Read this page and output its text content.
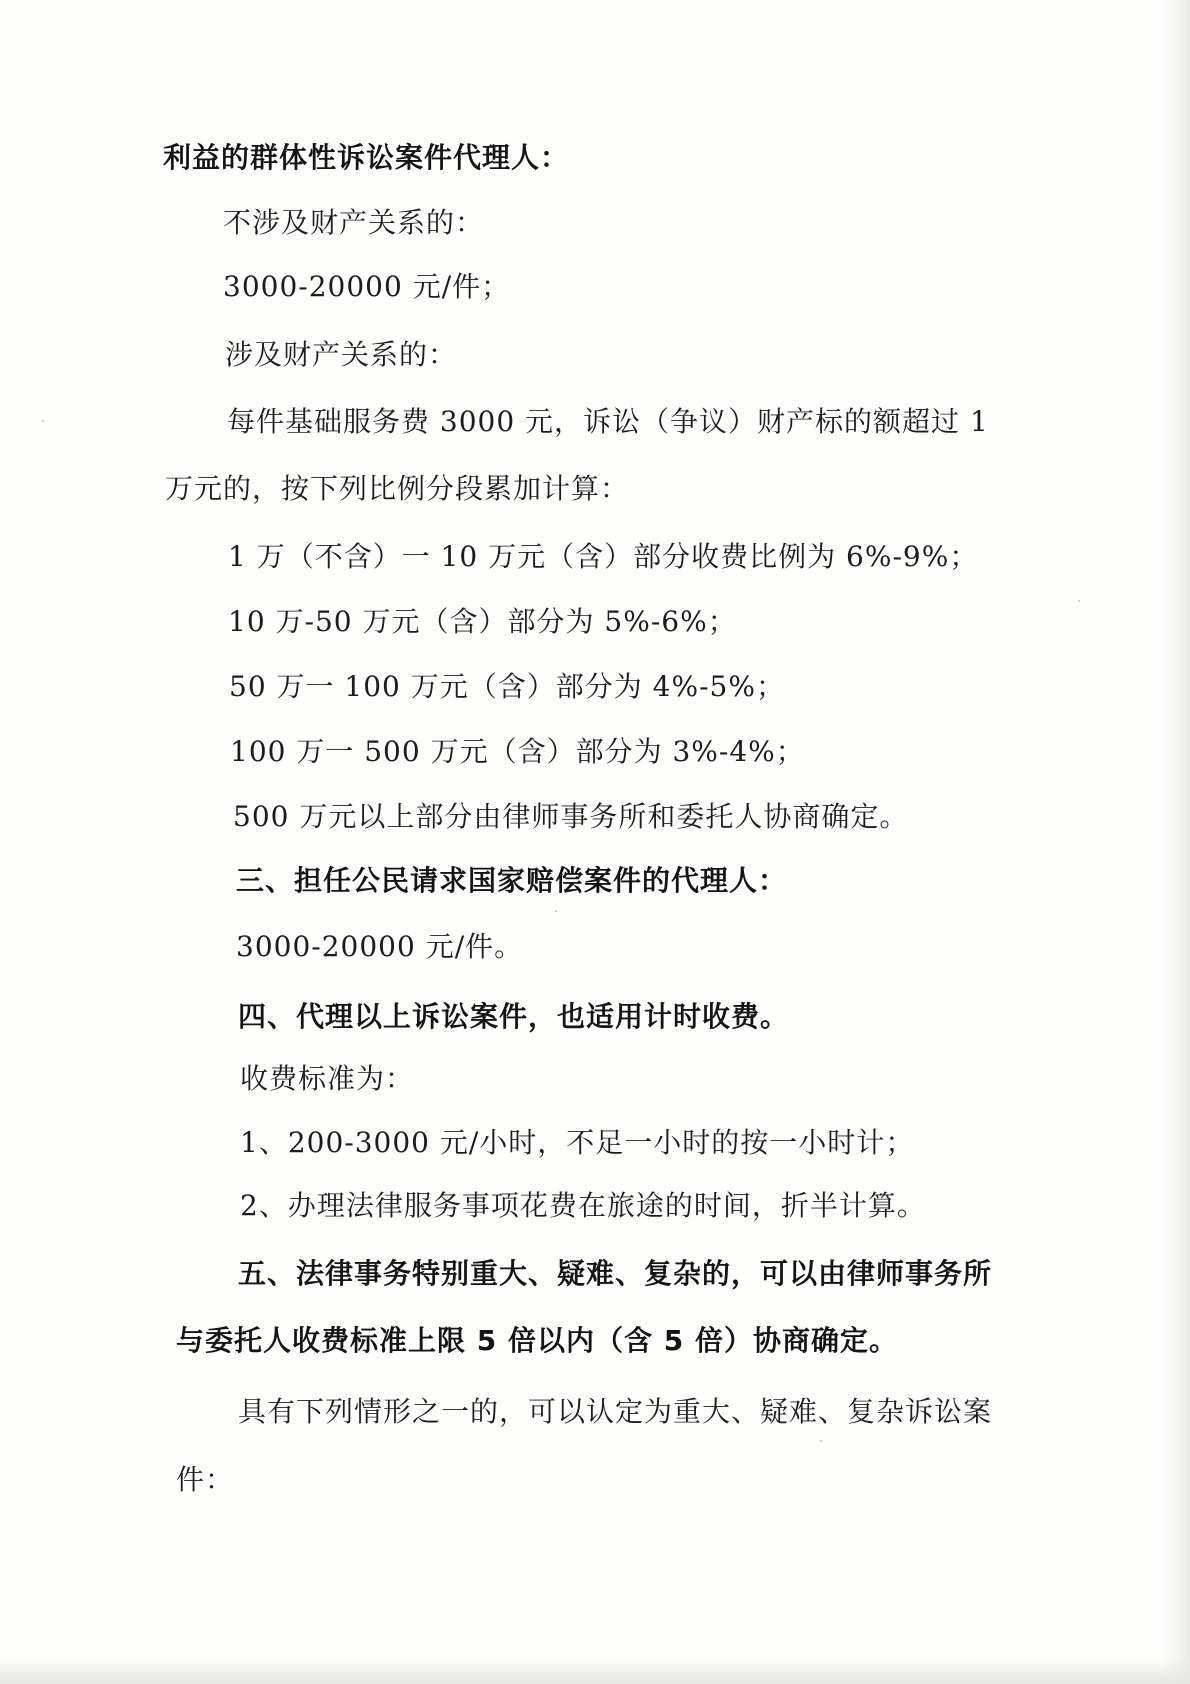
利益的群体性诉讼案件代理人：
不涉及财产关系的：
3000-20000 元/件；
涉及财产关系的：
每件基础服务费 3000 元，诉讼（争议）财产标的额超过 1
万元的，按下列比例分段累加计算：
1 万（不含）一 10 万元（含）部分收费比例为 6%-9%；
10 万-50 万元（含）部分为 5%-6%；
50 万一 100 万元（含）部分为 4%-5%；
100 万一 500 万元（含）部分为 3%-4%；
500 万元以上部分由律师事务所和委托人协商确定。
三、担任公民请求国家赔偿案件的代理人：
3000-20000 元/件。
四、代理以上诉讼案件，也适用计时收费。
收费标准为：
1、200-3000 元/小时，不足一小时的按一小时计；
2、办理法律服务事项花费在旅途的时间，折半计算。
五、法律事务特别重大、疑难、复杂的，可以由律师事务所
与委托人收费标准上限 5 倍以内（含 5 倍）协商确定。
具有下列情形之一的，可以认定为重大、疑难、复杂诉讼案
件：
